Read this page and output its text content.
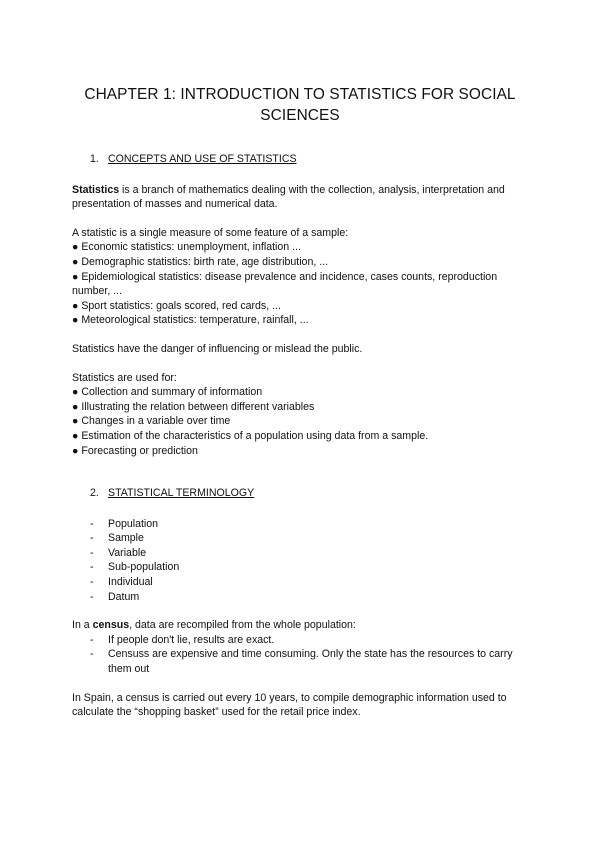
CHAPTER 1: INTRODUCTION TO STATISTICS FOR SOCIAL SCIENCES
1. CONCEPTS AND USE OF STATISTICS

Statistics is a branch of mathematics dealing with the collection, analysis, interpretation and presentation of masses and numerical data.

A statistic is a single measure of some feature of a sample:

● Economic statistics: unemployment, inflation ...
● Demographic statistics: birth rate, age distribution, ...
● Epidemiological statistics: disease prevalence and incidence, cases counts, reproduction number, ...
● Sport statistics: goals scored, red cards, ...
● Meteorological statistics: temperature, rainfall, ...

Statistics have the danger of influencing or mislead the public.

Statistics are used for:

● Collection and summary of information
● Illustrating the relation between different variables
● Changes in a variable over time
● Estimation of the characteristics of a population using data from a sample.
● Forecasting or prediction
2. STATISTICAL TERMINOLOGY
-	Population
-	Sample
-	Variable
-	Sub-population
-	Individual
-	Datum

In a census, data are recompiled from the whole population:

-	If people don't lie, results are exact.
-	Censuss are expensive and time consuming. Only the state has the resources to carry them out

In Spain, a census is carried out every 10 years, to compile demographic information used to calculate the “shopping basket” used for the retail price index.
